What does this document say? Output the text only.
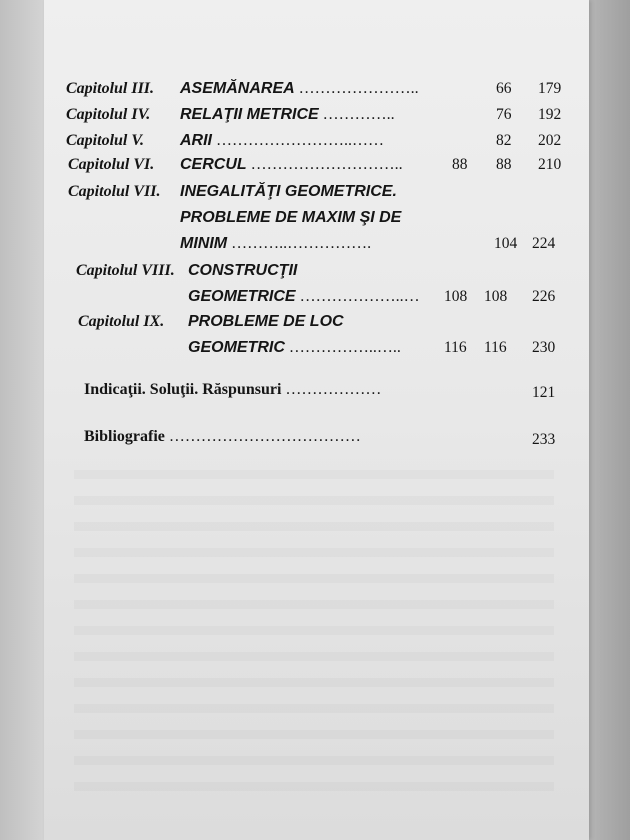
Capitolul III. ASEMĂNAREA …………………..	66 179
Capitolul IV. RELAŢII METRICE …………..	76 192
Capitolul V. ARII ……………………..……	82 202
Capitolul VI. CERCUL ………………………..	88 88 210
Capitolul VII. INEGALITĂŢI GEOMETRICE.
PROBLEME DE MAXIM ŞI DE
MINIM ………..…………….	104 224
Capitolul VIII. CONSTRUCŢII
GEOMETRICE ………………..… 108 108 226
Capitolul IX. PROBLEME DE LOC
GEOMETRIC ……………..…..	116 116 230
Indicaţii. Soluţii. Răspunsuri ………………	121
Bibliografie ………………………………	233
